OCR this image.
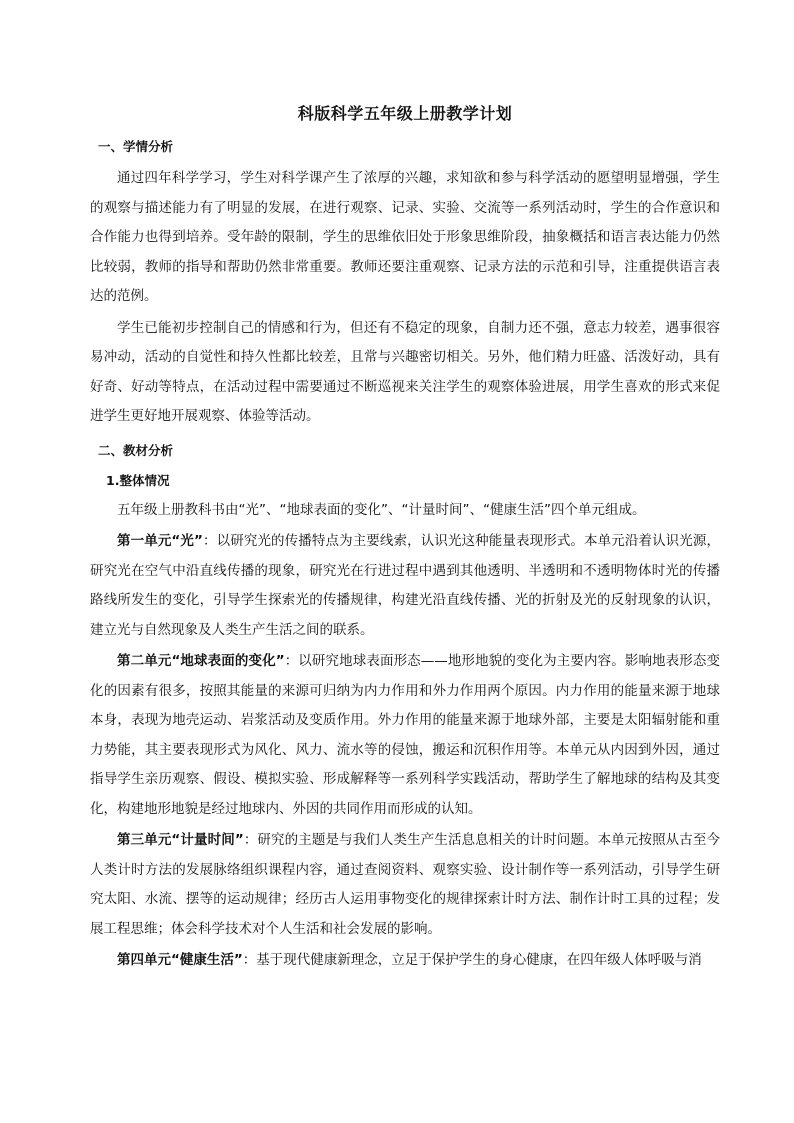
科版科学五年级上册教学计划
一、学情分析

通过四年科学学习，学生对科学课产生了浓厚的兴趣，求知欲和参与科学活动的愿望明显增强，学生的观察与描述能力有了明显的发展，在进行观察、记录、实验、交流等一系列活动时，学生的合作意识和合作能力也得到培养。受年龄的限制，学生的思维依旧处于形象思维阶段，抽象概括和语言表达能力仍然比较弱，教师的指导和帮助仍然非常重要。教师还要注重观察、记录方法的示范和引导，注重提供语言表达的范例。

学生已能初步控制自己的情感和行为，但还有不稳定的现象，自制力还不强，意志力较差，遇事很容易冲动，活动的自觉性和持久性都比较差，且常与兴趣密切相关。另外，他们精力旺盛、活泼好动，具有好奇、好动等特点，在活动过程中需要通过不断巡视来关注学生的观察体验进展，用学生喜欢的形式来促进学生更好地开展观察、体验等活动。

二、教材分析
1.整体情况

五年级上册教科书由“光”、“地球表面的变化”、“计量时间”、“健康生活”四个单元组成。

第一单元“光”：以研究光的传播特点为主要线索，认识光这种能量表现形式。本单元沿着认识光源，研究光在空气中沿直线传播的现象，研究光在行进过程中遇到其他透明、半透明和不透明物体时光的传播路线所发生的变化，引导学生探索光的传播规律，构建光沿直线传播、光的折射及光的反射现象的认识，建立光与自然现象及人类生产生活之间的联系。

第二单元“地球表面的变化”：以研究地球表面形态——地形地貌的变化为主要内容。影响地表形态变化的因素有很多，按照其能量的来源可归纳为内力作用和外力作用两个原因。内力作用的能量来源于地球本身，表现为地壳运动、岩浆活动及变质作用。外力作用的能量来源于地球外部，主要是太阳辐射能和重力势能，其主要表现形式为风化、风力、流水等的侵蚀，搬运和沉积作用等。本单元从内因到外因，通过指导学生亲历观察、假设、模拟实验、形成解释等一系列科学实践活动，帮助学生了解地球的结构及其变化，构建地形地貌是经过地球内、外因的共同作用而形成的认知。

第三单元“计量时间”：研究的主题是与我们人类生产生活息息相关的计时问题。本单元按照从古至今人类计时方法的发展脉络组织课程内容，通过查阅资料、观察实验、设计制作等一系列活动，引导学生研究太阳、水流、摆等的运动规律；经历古人运用事物变化的规律探索计时方法、制作计时工具的过程；发展工程思维；体会科学技术对个人生活和社会发展的影响。

第四单元“健康生活”：基于现代健康新理念，立足于保护学生的身心健康，在四年级人体呼吸与消
